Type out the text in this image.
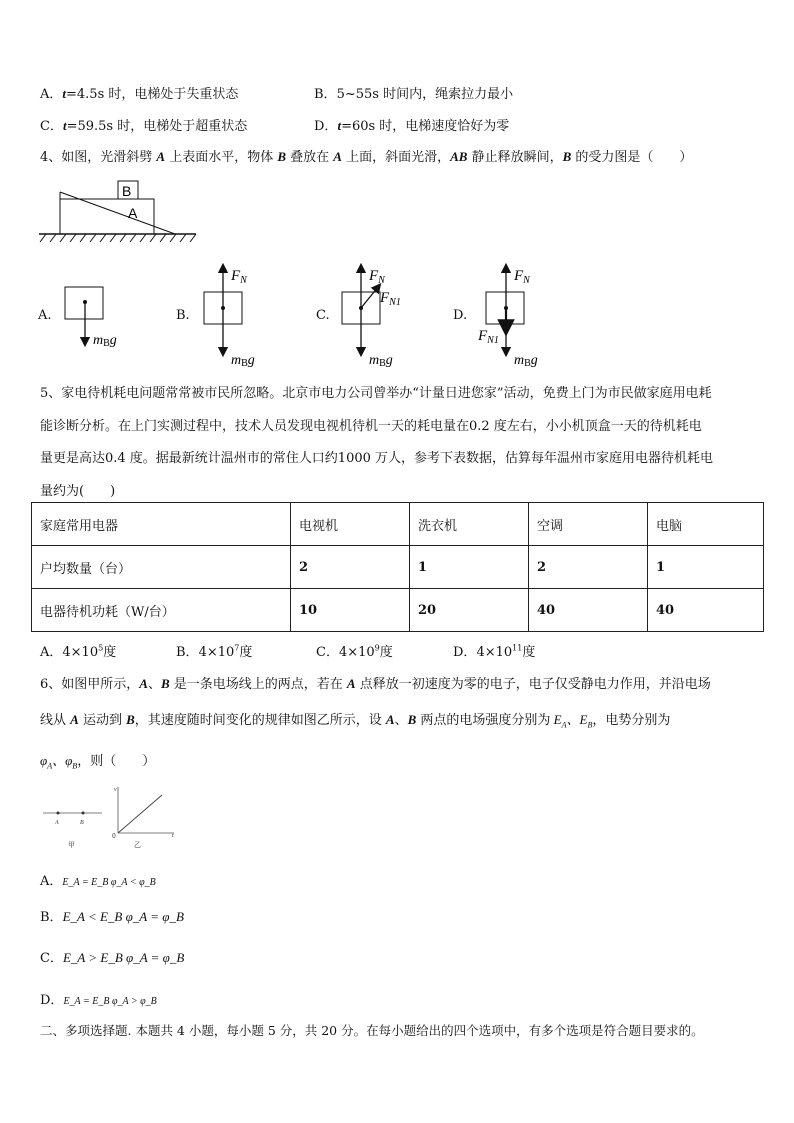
A．t=4.5s 时，电梯处于失重状态	B．5~55s 时间内，绳索拉力最小
C．t=59.5s 时，电梯处于超重状态	D．t=60s 时，电梯速度恰好为零
4、如图，光滑斜劈 A 上表面水平，物体 B 叠放在 A 上面，斜面光滑，AB 静止释放瞬间，B 的受力图是（　　）
B
A
A.	B.	C.	D.
mBg
$F_N$
mBg
$F_N$
$F_{N1}$
mBg
$F_N$
$F_{N1}$
mBg
5、家电待机耗电问题常常被市民所忽略。北京市电力公司曾举办“计量日进您家”活动，免费上门为市民做家庭用电耗
能诊断分析。在上门实测过程中，技术人员发现电视机待机一天的耗电量在0.2 度左右，小小机顶盒一天的待机耗电
量更是高达0.4 度。据最新统计温州市的常住人口约1000 万人，参考下表数据，估算每年温州市家庭用电器待机耗电
量约为(　　)
家庭常用电器	电视机	洗衣机	空调	电脑
户均数量（台）	2	1	2	1
电器待机功耗（W/台）	10	20	40	40
A．$4\times 10^5$度	B．$4\times 10^7$度	C．$4\times 10^9$度	D．$4\times 10^{11}$度
6、如图甲所示，A、B 是一条电场线上的两点，若在 A 点释放一初速度为零的电子，电子仅受静电力作用，并沿电场
线从 A 运动到 B，其速度随时间变化的规律如图乙所示，设 A、B 两点的电场强度分别为 $E_A$、$E_B$，电势分别为
$\varphi_A$、$\varphi_B$，则（　　）
A	B
甲
v
t
0
乙
A．E_A = E_B φ_A < φ_B
B．E_A < E_B φ_A = φ_B
C．E_A > E_B φ_A = φ_B
D．E_A = E_B φ_A > φ_B
二、多项选择题. 本题共 4 小题，每小题 5 分，共 20 分。在每小题给出的四个选项中，有多个选项是符合题目要求的。
